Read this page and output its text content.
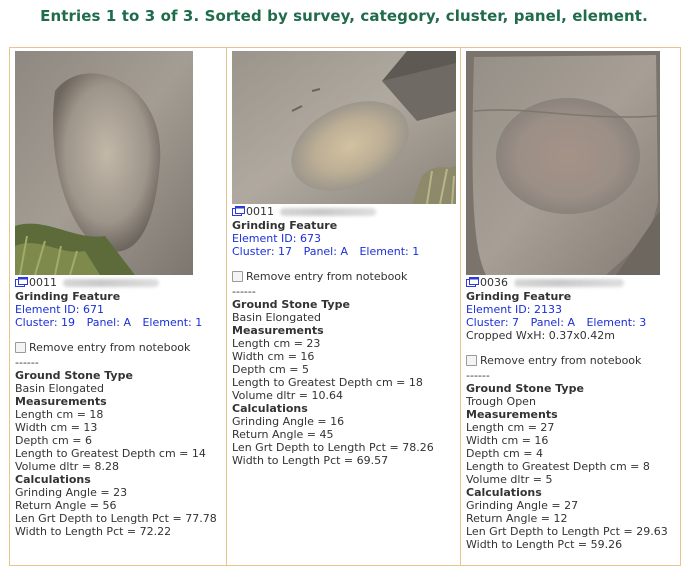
Entries 1 to 3 of 3. Sorted by survey, category, cluster, panel, element.
0011
Grinding Feature
Element ID: 671
Cluster: 19 Panel: A Element: 1
Remove entry from notebook
------
Ground Stone Type
Basin Elongated
Measurements
Length cm = 18
Width cm = 13
Depth cm = 6
Length to Greatest Depth cm = 14
Volume dltr = 8.28
Calculations
Grinding Angle = 23
Return Angle = 56
Len Grt Depth to Length Pct = 77.78
Width to Length Pct = 72.22
0011
Grinding Feature
Element ID: 673
Cluster: 17 Panel: A Element: 1
Remove entry from notebook
------
Ground Stone Type
Basin Elongated
Measurements
Length cm = 23
Width cm = 16
Depth cm = 5
Length to Greatest Depth cm = 18
Volume dltr = 10.64
Calculations
Grinding Angle = 16
Return Angle = 45
Len Grt Depth to Length Pct = 78.26
Width to Length Pct = 69.57
0036
Grinding Feature
Element ID: 2133
Cluster: 7 Panel: A Element: 3
Cropped WxH: 0.37x0.42m
Remove entry from notebook
------
Ground Stone Type
Trough Open
Measurements
Length cm = 27
Width cm = 16
Depth cm = 4
Length to Greatest Depth cm = 8
Volume dltr = 5
Calculations
Grinding Angle = 27
Return Angle = 12
Len Grt Depth to Length Pct = 29.63
Width to Length Pct = 59.26
